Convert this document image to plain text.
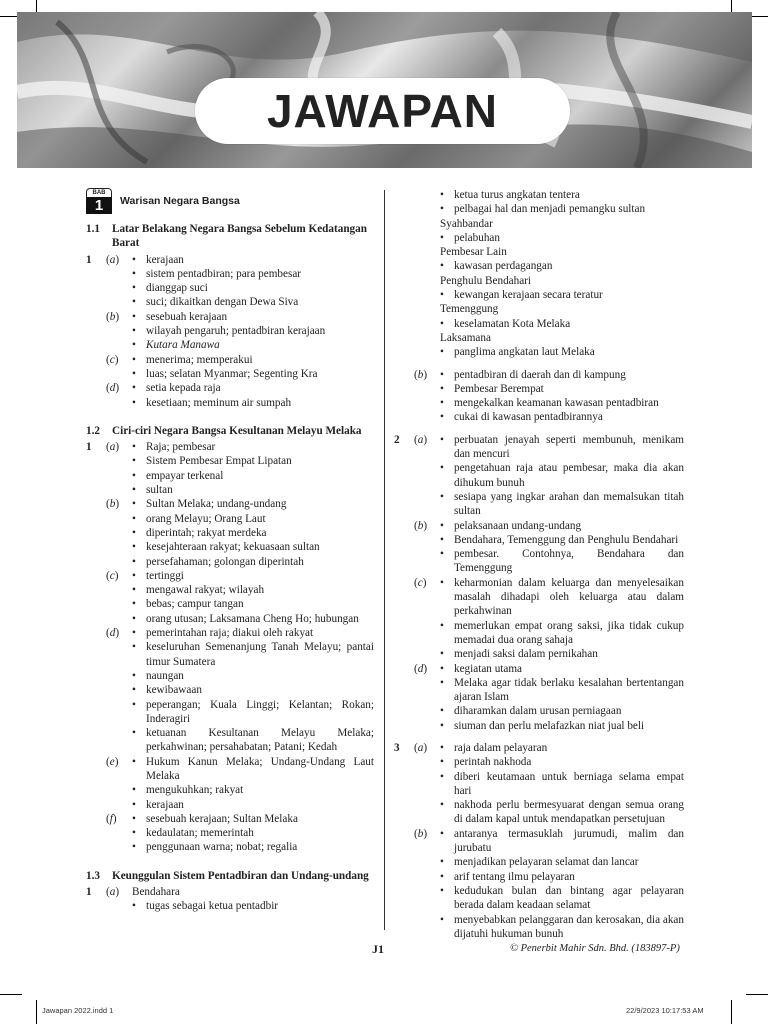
JAWAPAN
BAB
1	Warisan Negara Bangsa
1.1	Latar Belakang Negara Bangsa Sebelum Kedatangan Barat
1	(a)	• kerajaan
• sistem pentadbiran; para pembesar
• dianggap suci
• suci; dikaitkan dengan Dewa Siva
(b)	• sesebuah kerajaan
• wilayah pengaruh; pentadbiran kerajaan
• Kutara Manawa
(c)	• menerima; memperakui
• luas; selatan Myanmar; Segenting Kra
(d)	• setia kepada raja
• kesetiaan; meminum air sumpah
1.2	Ciri-ciri Negara Bangsa Kesultanan Melayu Melaka
1	(a)	• Raja; pembesar
• Sistem Pembesar Empat Lipatan
• empayar terkenal
• sultan
(b)	• Sultan Melaka; undang-undang
• orang Melayu; Orang Laut
• diperintah; rakyat merdeka
• kesejahteraan rakyat; kekuasaan sultan
• persefahaman; golongan diperintah
(c)	• tertinggi
• mengawal rakyat; wilayah
• bebas; campur tangan
• orang utusan; Laksamana Cheng Ho; hubungan
(d)	• pemerintahan raja; diakui oleh rakyat
• keseluruhan Semenanjung Tanah Melayu; pantai timur Sumatera
• naungan
• kewibawaan
• peperangan; Kuala Linggi; Kelantan; Rokan; Inderagiri
• ketuanan Kesultanan Melayu Melaka; perkahwinan; persahabatan; Patani; Kedah
(e)	• Hukum Kanun Melaka; Undang-Undang Laut Melaka
• mengukuhkan; rakyat
• kerajaan
(f)	• sesebuah kerajaan; Sultan Melaka
• kedaulatan; memerintah
• penggunaan warna; nobat; regalia
1.3	Keunggulan Sistem Pentadbiran dan Undang-undang
1	(a)	Bendahara
• tugas sebagai ketua pentadbir
• ketua turus angkatan tentera
• pelbagai hal dan menjadi pemangku sultan
Syahbandar
• pelabuhan
Pembesar Lain
• kawasan perdagangan
Penghulu Bendahari
• kewangan kerajaan secara teratur
Temenggung
• keselamatan Kota Melaka
Laksamana
• panglima angkatan laut Melaka
(b)	• pentadbiran di daerah dan di kampung
• Pembesar Berempat
• mengekalkan keamanan kawasan pentadbiran
• cukai di kawasan pentadbirannya
2	(a)	• perbuatan jenayah seperti membunuh, menikam dan mencuri
• pengetahuan raja atau pembesar, maka dia akan dihukum bunuh
• sesiapa yang ingkar arahan dan memalsukan titah sultan
(b)	• pelaksanaan undang-undang
• Bendahara, Temenggung dan Penghulu Bendahari
• pembesar. Contohnya, Bendahara dan Temenggung
(c)	• keharmonian dalam keluarga dan menyelesaikan masalah dihadapi oleh keluarga atau dalam perkahwinan
• memerlukan empat orang saksi, jika tidak cukup memadai dua orang sahaja
• menjadi saksi dalam pernikahan
(d)	• kegiatan utama
• Melaka agar tidak berlaku kesalahan bertentangan ajaran Islam
• diharamkan dalam urusan perniagaan
• siuman dan perlu melafazkan niat jual beli
3	(a)	• raja dalam pelayaran
• perintah nakhoda
• diberi keutamaan untuk berniaga selama empat hari
• nakhoda perlu bermesyuarat dengan semua orang di dalam kapal untuk mendapatkan persetujuan
(b)	• antaranya termasuklah jurumudi, malim dan jurubatu
• menjadikan pelayaran selamat dan lancar
• arif tentang ilmu pelayaran
• kedudukan bulan dan bintang agar pelayaran berada dalam keadaan selamat
• menyebabkan pelanggaran dan kerosakan, dia akan dijatuhi hukuman bunuh
J1	© Penerbit Mahir Sdn. Bhd. (183897-P)
Jawapan 2022.indd 1	22/9/2023 10:17:53 AM
